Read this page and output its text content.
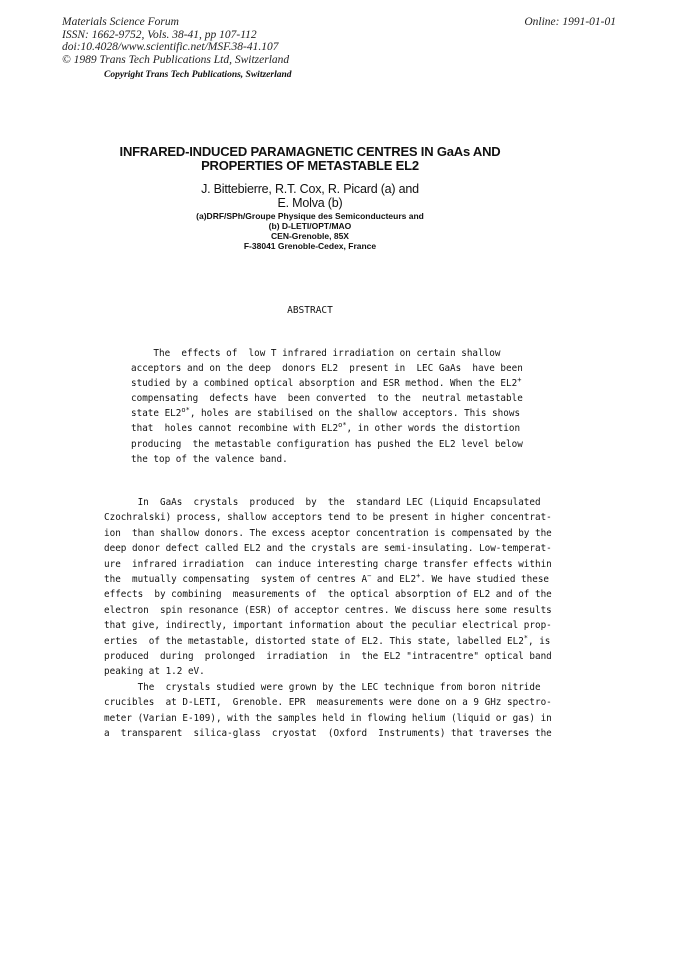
Materials Science Forum
ISSN: 1662-9752, Vols. 38-41, pp 107-112
doi:10.4028/www.scientific.net/MSF.38-41.107
© 1989 Trans Tech Publications Ltd, Switzerland
Online: 1991-01-01
Copyright Trans Tech Publications, Switzerland
INFRARED-INDUCED PARAMAGNETIC CENTRES IN GaAs AND
PROPERTIES OF METASTABLE EL2
J. Bittebierre, R.T. Cox, R. Picard (a) and
E. Molva (b)
(a)DRF/SPh/Groupe Physique des Semiconducteurs and
(b) D-LETI/OPT/MAO
CEN-Grenoble, 85X
F-38041 Grenoble-Cedex, France
ABSTRACT
The  effects of  low T infrared irradiation on certain shallow
acceptors and on the deep  donors EL2  present in  LEC GaAs  have been
studied by a combined optical absorption and ESR method. When the EL2+
compensating  defects have  been converted  to the  neutral metastable
state $EL2^{o*}$, holes are stabilised on the shallow acceptors. This shows
that  holes cannot recombine with $EL2^{o*}$, in other words the distortion
producing  the metastable configuration has pushed the EL2 level below
the top of the valence band.
In  GaAs  crystals  produced  by  the  standard LEC (Liquid Encapsulated
Czochralski) process, shallow acceptors tend to be present in higher concentrat-
ion  than shallow donors. The excess aceptor concentration is compensated by the
deep donor defect called EL2 and the crystals are semi-insulating. Low-temperat-
ure  infrared irradiation  can induce interesting charge transfer effects within
the  mutually compensating  system of centres A− and EL2+. We have studied these
effects  by combining  measurements of  the optical absorption of EL2 and of the
electron  spin resonance (ESR) of acceptor centres. We discuss here some results
that give, indirectly, important information about the peculiar electrical prop-
erties  of the metastable, distorted state of EL2. This state, labelled EL2*, is
produced  during  prolonged  irradiation  in  the EL2 "intracentre" optical band
peaking at 1.2 eV.
The  crystals studied were grown by the LEC technique from boron nitride
crucibles  at D-LETI,  Grenoble. EPR  measurements were done on a 9 GHz spectro-
meter (Varian E-109), with the samples held in flowing helium (liquid or gas) in
a  transparent  silica-glass  cryostat  (Oxford  Instruments) that traverses the
